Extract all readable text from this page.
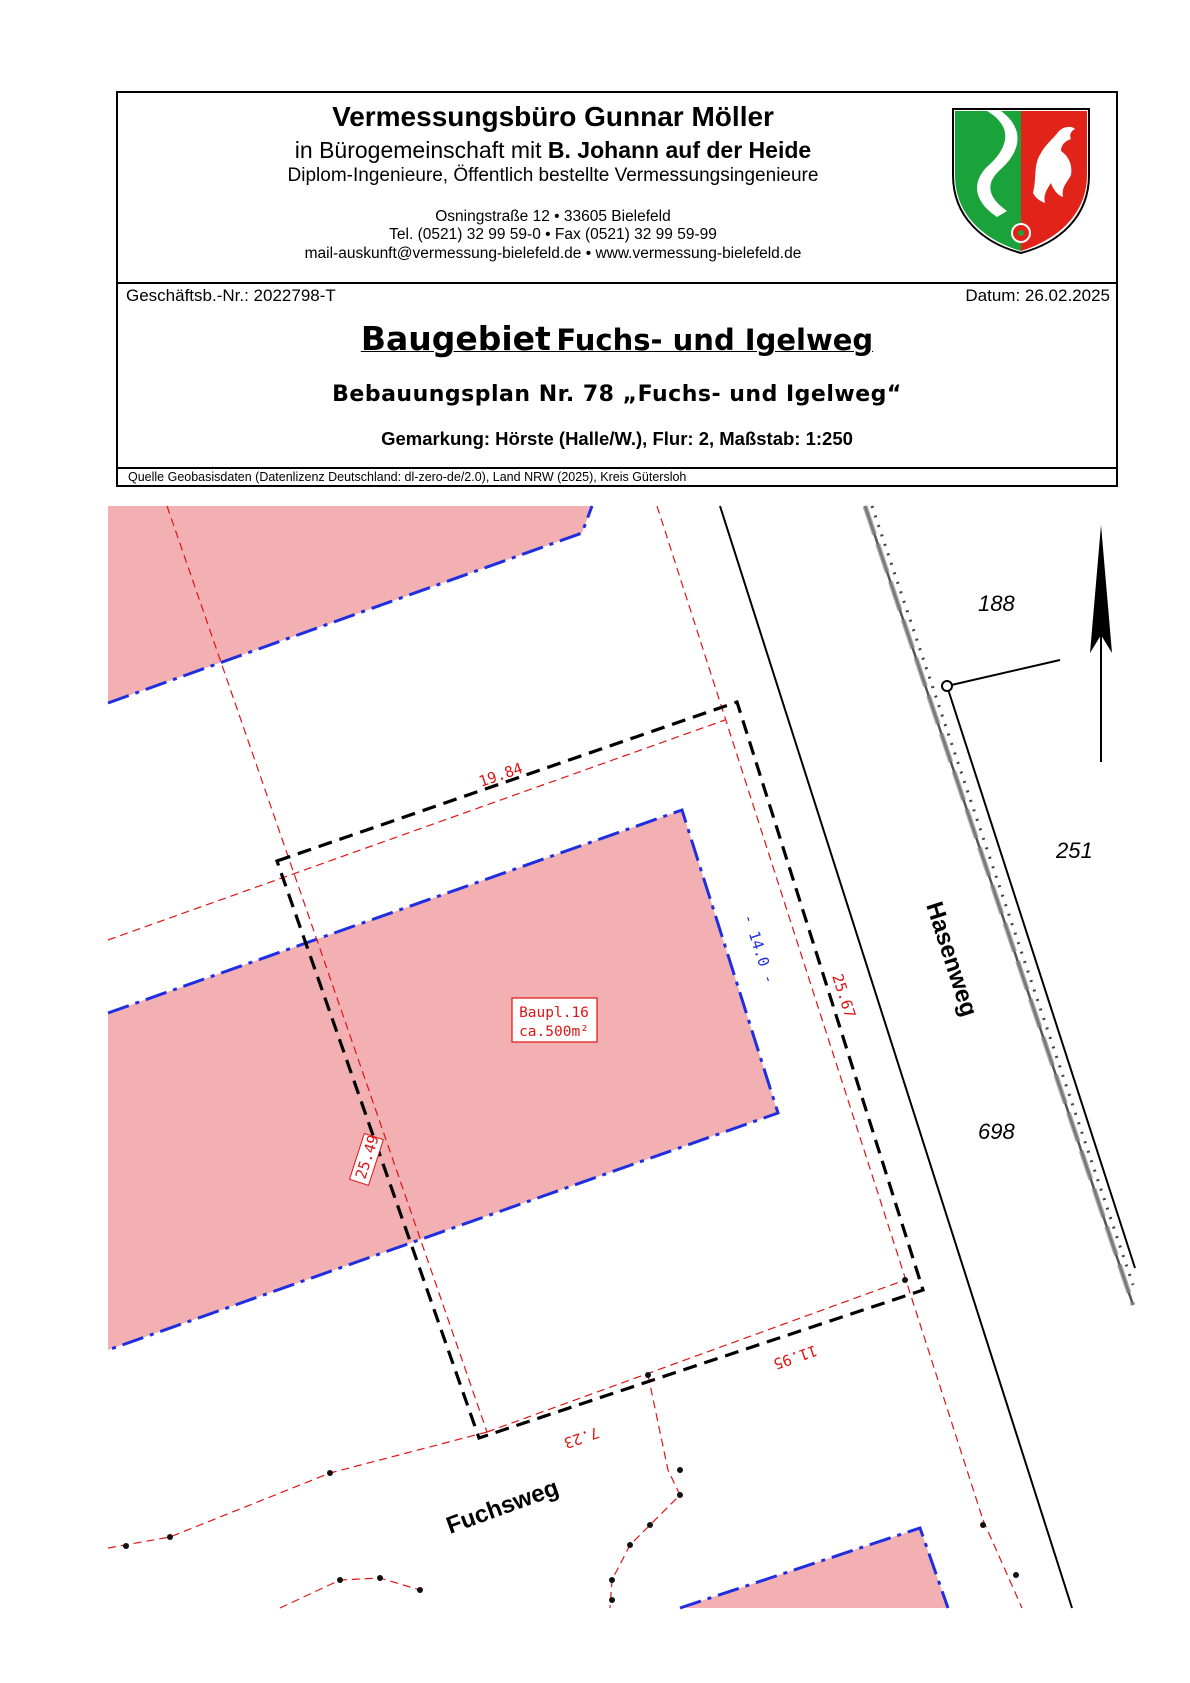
Hasenweg
Fuchsweg
188
251
698
Baupl.16
ca.500m²
19.84
25.67
25.49
11.95
7.23
- 14.0 -
Vermessungsbüro Gunnar Möller
in Bürogemeinschaft mit B. Johann auf der Heide
Diplom-Ingenieure, Öffentlich bestellte Vermessungsingenieure
Osningstraße 12 • 33605 Bielefeld
Tel. (0521) 32 99 59-0 • Fax (0521) 32 99 59-99
mail-auskunft@vermessung-bielefeld.de • www.vermessung-bielefeld.de
Geschäftsb.-Nr.: 2022798-T	Datum: 26.02.2025
Baugebiet Fuchs- und Igelweg
Bebauungsplan Nr. 78 „Fuchs- und Igelweg“
Gemarkung: Hörste (Halle/W.), Flur: 2, Maßstab: 1:250
Quelle Geobasisdaten (Datenlizenz Deutschland: dl-zero-de/2.0), Land NRW (2025), Kreis Gütersloh
